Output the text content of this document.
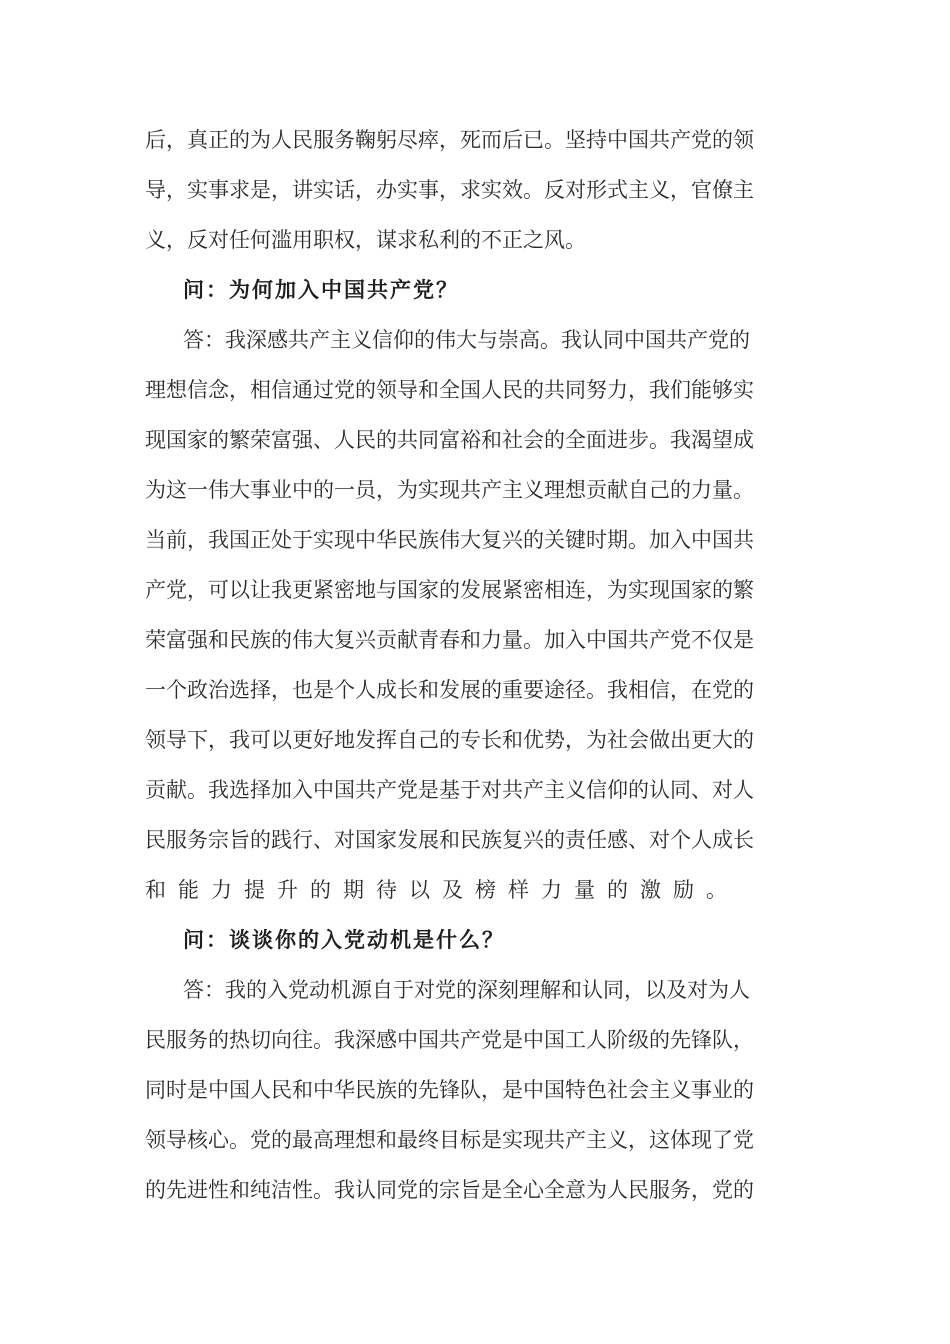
后，真正的为人民服务鞠躬尽瘁，死而后已。坚持中国共产党的领
导，实事求是，讲实话，办实事，求实效。反对形式主义，官僚主
义，反对任何滥用职权，谋求私利的不正之风。
问：为何加入中国共产党？
答：我深感共产主义信仰的伟大与崇高。我认同中国共产党的
理想信念，相信通过党的领导和全国人民的共同努力，我们能够实
现国家的繁荣富强、人民的共同富裕和社会的全面进步。我渴望成
为这一伟大事业中的一员，为实现共产主义理想贡献自己的力量。
当前，我国正处于实现中华民族伟大复兴的关键时期。加入中国共
产党，可以让我更紧密地与国家的发展紧密相连，为实现国家的繁
荣富强和民族的伟大复兴贡献青春和力量。加入中国共产党不仅是
一个政治选择，也是个人成长和发展的重要途径。我相信，在党的
领导下，我可以更好地发挥自己的专长和优势，为社会做出更大的
贡献。我选择加入中国共产党是基于对共产主义信仰的认同、对人
民服务宗旨的践行、对国家发展和民族复兴的责任感、对个人成长
和能力提升的期待以及榜样力量的激励。
问：谈谈你的入党动机是什么？
答：我的入党动机源自于对党的深刻理解和认同，以及对为人
民服务的热切向往。我深感中国共产党是中国工人阶级的先锋队，
同时是中国人民和中华民族的先锋队，是中国特色社会主义事业的
领导核心。党的最高理想和最终目标是实现共产主义，这体现了党
的先进性和纯洁性。我认同党的宗旨是全心全意为人民服务，党的
